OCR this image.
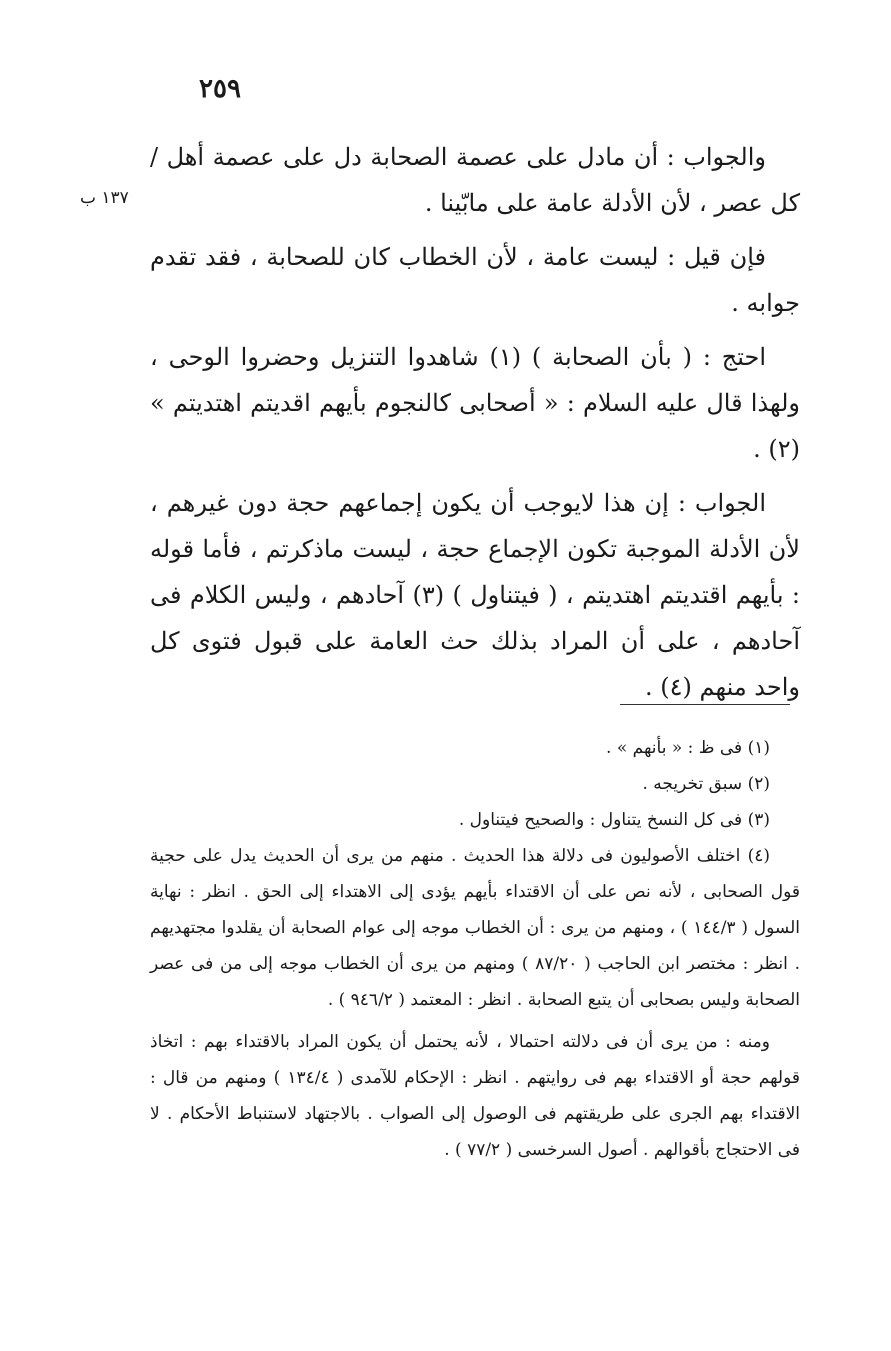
٢٥٩
١٣٧ ب

والجواب : أن مادل على عصمة الصحابة دل على عصمة أهل / كل عصر ، لأن الأدلة عامة على مابّينا .

فإن قيل : ليست عامة ، لأن الخطاب كان للصحابة ، فقد تقدم جوابه .

احتج : ( بأن الصحابة ) (١) شاهدوا التنزيل وحضروا الوحى ، ولهذا قال عليه السلام : « أصحابى كالنجوم بأيهم اقديتم اهتديتم » (٢) .

الجواب : إن هذا لايوجب أن يكون إجماعهم حجة دون غيرهم ، لأن الأدلة الموجبة تكون الإجماع حجة ، ليست ماذكرتم ، فأما قوله : بأيهم اقتديتم اهتديتم ، ( فيتناول ) (٣) آحادهم ، وليس الكلام فى آحادهم ، على أن المراد بذلك حث العامة على قبول فتوى كل واحد منهم (٤) .

(١) فى ظ : « بأنهم » .

(٢) سبق تخريجه .

(٣) فى كل النسخ يتناول : والصحيح فيتناول .

(٤) اختلف الأصوليون فى دلالة هذا الحديث . منهم من يرى أن الحديث يدل على حجية قول الصحابى ، لأنه نص على أن الاقتداء بأيهم يؤدى إلى الاهتداء إلى الحق . انظر : نهاية السول ( ١٤٤/٣ ) ، ومنهم من يرى : أن الخطاب موجه إلى عوام الصحابة أن يقلدوا مجتهديهم . انظر : مختصر ابن الحاجب ( ٨٧/٢٠ ) ومنهم من يرى أن الخطاب موجه إلى من فى عصر الصحابة وليس بصحابى أن يتبع الصحابة . انظر : المعتمد ( ٩٤٦/٢ ) .

ومنه : من يرى أن فى دلالته احتمالا ، لأنه يحتمل أن يكون المراد بالاقتداء بهم : اتخاذ قولهم حجة أو الاقتداء بهم فى روايتهم . انظر : الإحكام للآمدى ( ١٣٤/٤ ) ومنهم من قال : الاقتداء بهم الجرى على طريقتهم فى الوصول إلى الصواب . بالاجتهاد لاستنباط الأحكام . لا فى الاحتجاج بأقوالهم . أصول السرخسى ( ٧٧/٢ ) .
